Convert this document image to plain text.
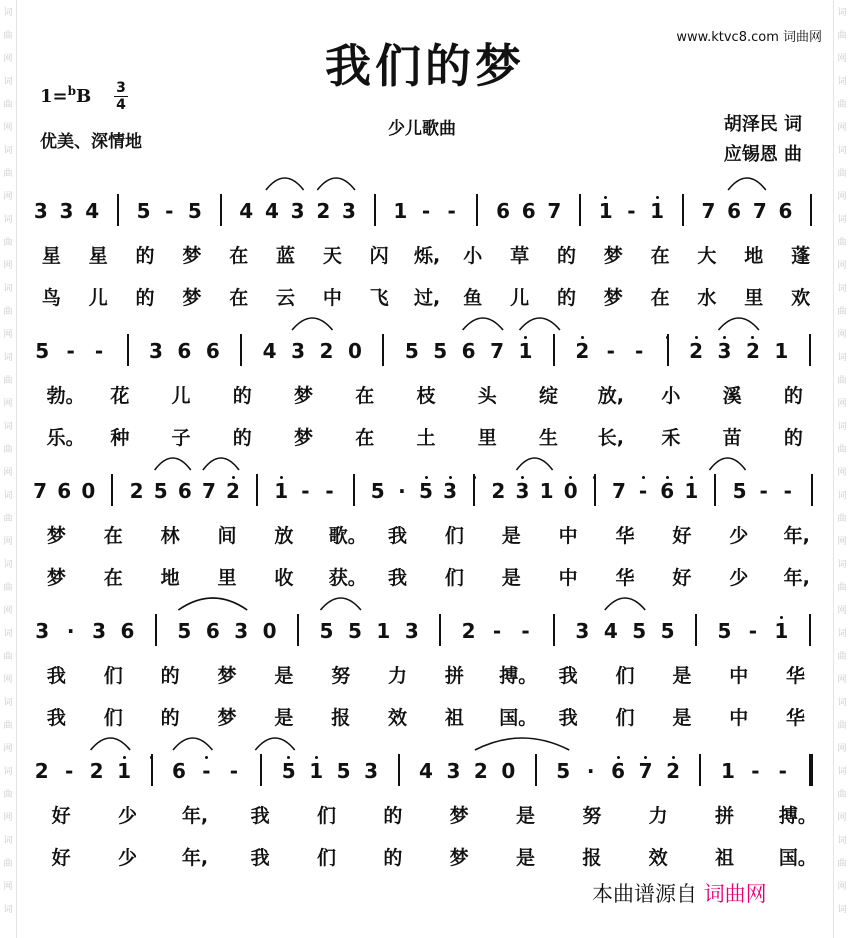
词
曲
网
词
曲
网
词
曲
网
词
曲
网
词
曲
网
词
曲
网
词
曲
网
词
曲
网
词
曲
网
词
曲
网
词
曲
网
词
曲
网
词
曲
网
词
词
曲
网
词
曲
网
词
曲
网
词
曲
网
词
曲
网
词
曲
网
词
曲
网
词
曲
网
词
曲
网
词
曲
网
词
曲
网
词
曲
网
词
曲
网
词
我们的梦
www.ktvc8.com 词曲网
1=$^b$B 3
4
优美、深情地
少儿歌曲	胡泽民 词
应锡恩 曲
3 3 4 5 - 5 4 4 3 2 3 1 - - 6 6 7 1 - 1 7 6 7 6
星 星 的 梦 在 蓝 天 闪 烁, 小 草 的 梦 在 大 地 蓬
鸟 儿 的 梦 在 云 中 飞 过, 鱼 儿 的 梦 在 水 里 欢
5 - - 3 6 6 4 3 2 0 5 5 6 7 1 2 - - 2 3 2 1
勃。 花 儿 的 梦 在 枝 头 绽 放, 小 溪 的
乐。 种 子 的 梦 在 土 里 生 长, 禾 苗 的
7 6 0 2 5 6 7 2 1 - - 5 · 5 3 2 3 1 0 7 - 6 1 5 - -
梦 在 林 间 放 歌。 我 们 是 中 华 好 少 年,
梦 在 地 里 收 获。 我 们 是 中 华 好 少 年,
3 · 3 6 5 6 3 0 5 5 1 3 2 - - 3 4 5 5 5 - 1
我 们 的 梦 是 努 力 拼 搏。 我 们 是 中 华
我 们 的 梦 是 报 效 祖 国。 我 们 是 中 华
2 - 2 1 6 - - 5 1 5 3 4 3 2 0 5 · 6 7 2 1 - -
好 少 年, 我 们 的 梦 是 努 力 拼 搏。
好 少 年, 我 们 的 梦 是 报 效 祖 国。
本曲谱源自 词曲网
